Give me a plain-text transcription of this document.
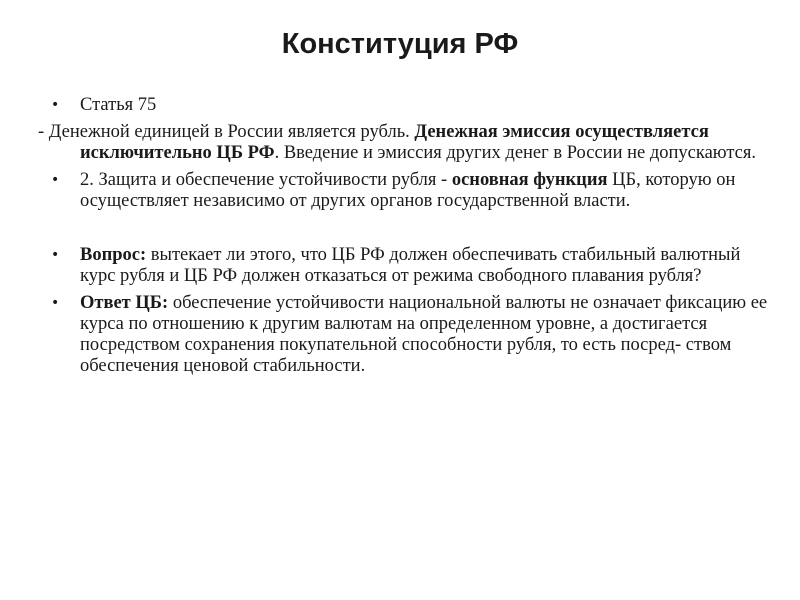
Конституция РФ

• Статья 75

- Денежной единицей в России является рубль. Денежная эмиссия осуществляется исключительно ЦБ РФ. Введение и эмиссия других денег в России не допускаются.

• 2. Защита и обеспечение устойчивости рубля - основная функция ЦБ, которую он осуществляет независимо от других органов государственной власти.

• Вопрос: вытекает ли этого, что ЦБ РФ должен обеспечивать стабильный валютный курс рубля и ЦБ РФ должен отказаться от режима свободного плавания рубля?

• Ответ ЦБ: обеспечение устойчивости национальной валюты не означает фиксацию ее курса по отношению к другим валютам на определенном уровне, а достигается посредством сохранения покупательной способности рубля, то есть посред- ством обеспечения ценовой стабильности.
